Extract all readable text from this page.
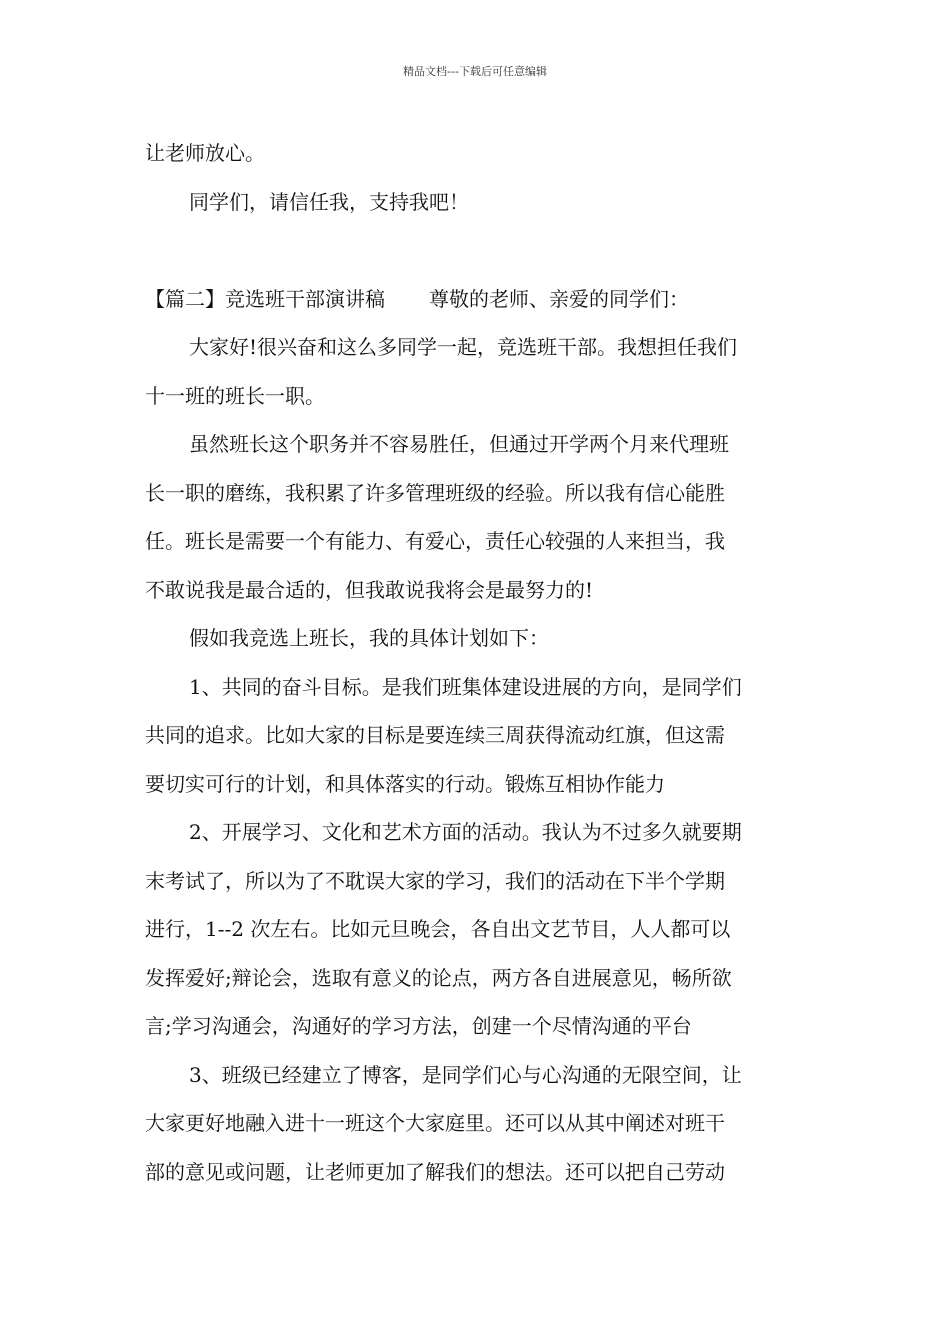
精品文档---下载后可任意编辑
让老师放心。
同学们，请信任我，支持我吧！
【篇二】竞选班干部演讲稿 尊敬的老师、亲爱的同学们：
大家好!很兴奋和这么多同学一起，竞选班干部。我想担任我们
十一班的班长一职。
虽然班长这个职务并不容易胜任，但通过开学两个月来代理班
长一职的磨练，我积累了许多管理班级的经验。所以我有信心能胜
任。班长是需要一个有能力、有爱心，责任心较强的人来担当，我
不敢说我是最合适的，但我敢说我将会是最努力的!
假如我竞选上班长，我的具体计划如下：
1、共同的奋斗目标。是我们班集体建设进展的方向，是同学们
共同的追求。比如大家的目标是要连续三周获得流动红旗，但这需
要切实可行的计划，和具体落实的行动。锻炼互相协作能力
2、开展学习、文化和艺术方面的活动。我认为不过多久就要期
末考试了，所以为了不耽误大家的学习，我们的活动在下半个学期
进行，1--2 次左右。比如元旦晚会，各自出文艺节目，人人都可以
发挥爱好;辩论会，选取有意义的论点，两方各自进展意见，畅所欲
言;学习沟通会，沟通好的学习方法，创建一个尽情沟通的平台
3、班级已经建立了博客，是同学们心与心沟通的无限空间，让
大家更好地融入进十一班这个大家庭里。还可以从其中阐述对班干
部的意见或问题，让老师更加了解我们的想法。还可以把自己劳动
